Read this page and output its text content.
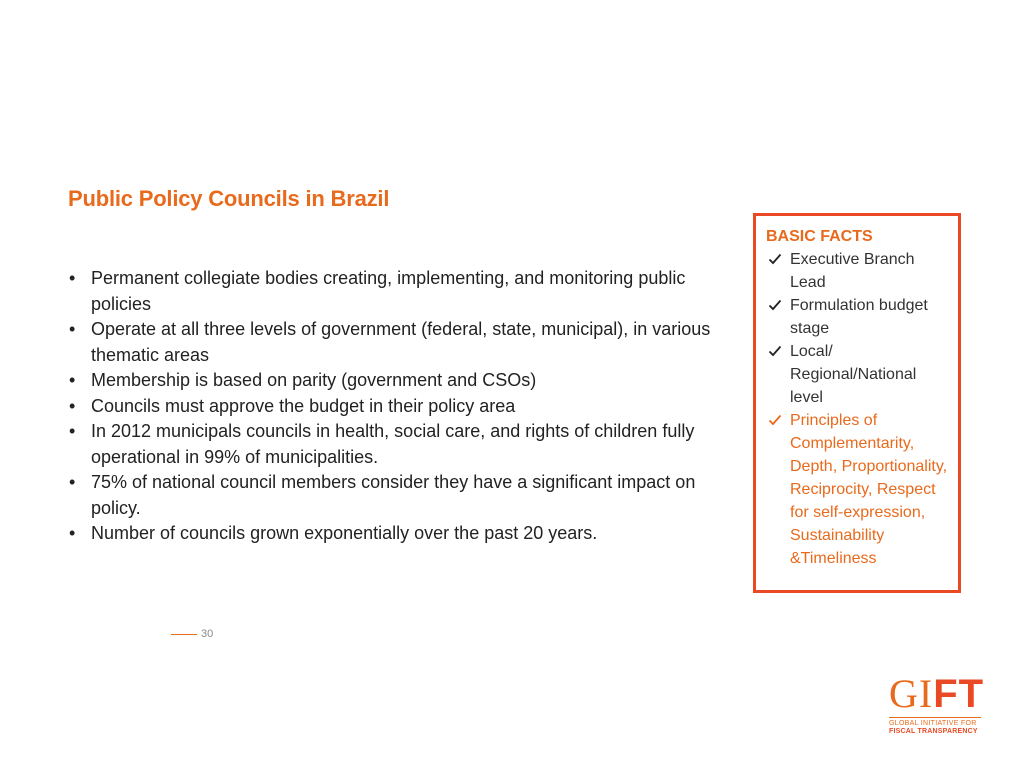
Public Policy Councils in Brazil
• Permanent collegiate bodies creating, implementing, and monitoring public policies
• Operate at all three levels of government (federal, state, municipal), in various thematic areas
• Membership is based on parity (government and CSOs)
• Councils must approve the budget in their policy area
• In 2012 municipals councils in health, social care, and rights of children fully operational in 99% of municipalities.
• 75% of national council members consider they have a significant impact on policy.
• Number of councils grown exponentially over the past 20 years.
BASIC FACTS
Executive Branch Lead
Formulation budget stage
Local/ Regional/National level
Principles of Complementarity, Depth, Proportionality, Reciprocity, Respect for self-expression, Sustainability &Timeliness
30
GIFT
GLOBAL INITIATIVE FOR
FISCAL TRANSPARENCY
